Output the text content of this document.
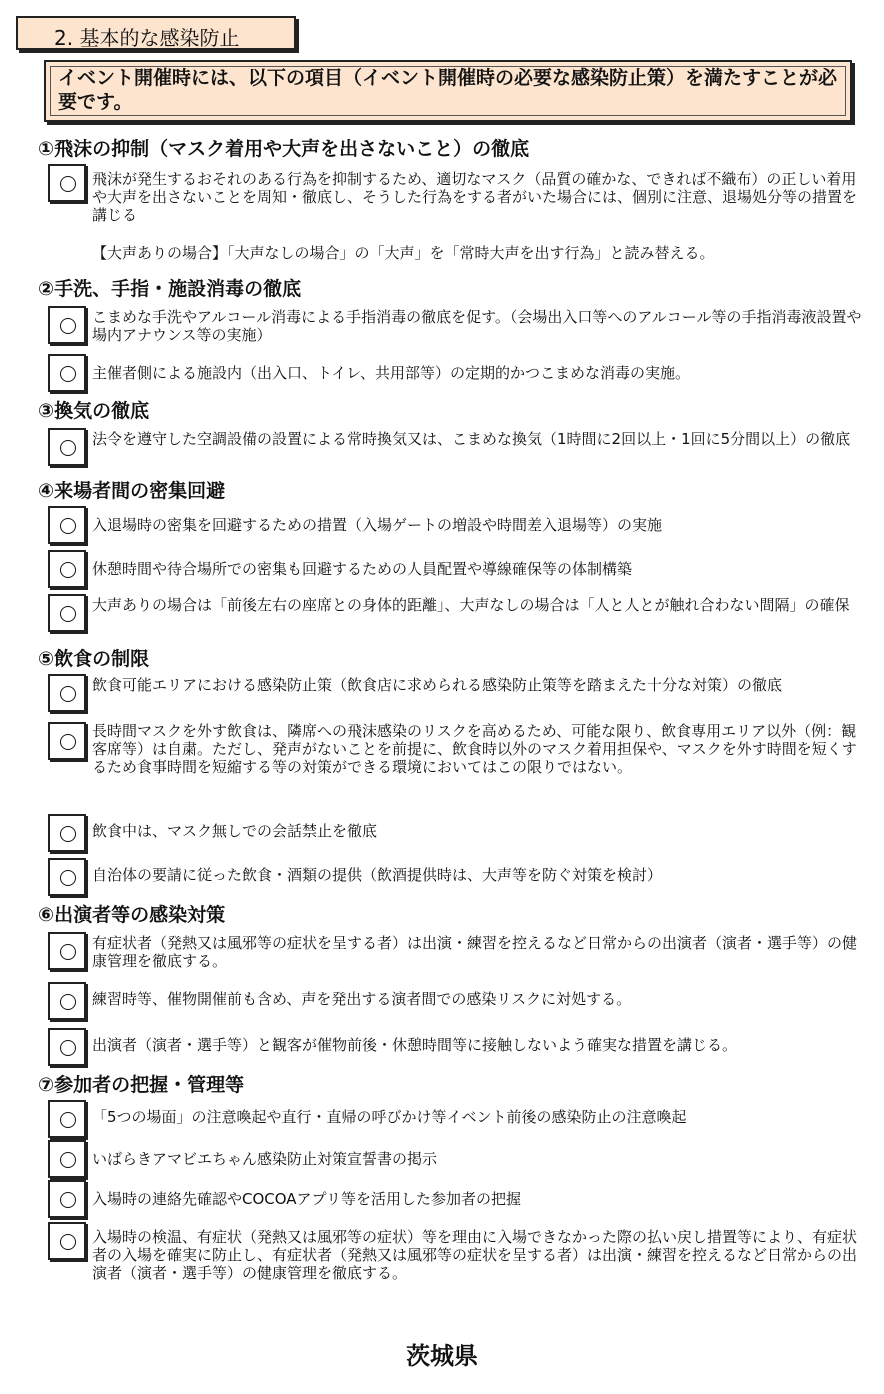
2. 基本的な感染防止
イベント開催時には、以下の項目（イベント開催時の必要な感染防止策）を満たすことが必要です。
①飛沫の抑制（マスク着用や大声を出さないこと）の徹底
飛沫が発生するおそれのある行為を抑制するため、適切なマスク（品質の確かな、できれば不織布）の正しい着用や大声を出さないことを周知・徹底し、そうした行為をする者がいた場合には、個別に注意、退場処分等の措置を講じる
【大声ありの場合】「大声なしの場合」の「大声」を「常時大声を出す行為」と読み替える。
②手洗、手指・施設消毒の徹底
こまめな手洗やアルコール消毒による手指消毒の徹底を促す。（会場出入口等へのアルコール等の手指消毒液設置や場内アナウンス等の実施）
主催者側による施設内（出入口、トイレ、共用部等）の定期的かつこまめな消毒の実施。
③換気の徹底
法令を遵守した空調設備の設置による常時換気又は、こまめな換気（1時間に2回以上・1回に5分間以上）の徹底
④来場者間の密集回避
入退場時の密集を回避するための措置（入場ゲートの増設や時間差入退場等）の実施
休憩時間や待合場所での密集も回避するための人員配置や導線確保等の体制構築
大声ありの場合は「前後左右の座席との身体的距離」、大声なしの場合は「人と人とが触れ合わない間隔」の確保
⑤飲食の制限
飲食可能エリアにおける感染防止策（飲食店に求められる感染防止策等を踏まえた十分な対策）の徹底
長時間マスクを外す飲食は、隣席への飛沫感染のリスクを高めるため、可能な限り、飲食専用エリア以外（例：観客席等）は自粛。ただし、発声がないことを前提に、飲食時以外のマスク着用担保や、マスクを外す時間を短くするため食事時間を短縮する等の対策ができる環境においてはこの限りではない。
飲食中は、マスク無しでの会話禁止を徹底
自治体の要請に従った飲食・酒類の提供（飲酒提供時は、大声等を防ぐ対策を検討）
⑥出演者等の感染対策
有症状者（発熱又は風邪等の症状を呈する者）は出演・練習を控えるなど日常からの出演者（演者・選手等）の健康管理を徹底する。
練習時等、催物開催前も含め、声を発出する演者間での感染リスクに対処する。
出演者（演者・選手等）と観客が催物前後・休憩時間等に接触しないよう確実な措置を講じる。
⑦参加者の把握・管理等
「5つの場面」の注意喚起や直行・直帰の呼びかけ等イベント前後の感染防止の注意喚起
いばらきアマビエちゃん感染防止対策宣誓書の掲示
入場時の連絡先確認やCOCOAアプリ等を活用した参加者の把握
入場時の検温、有症状（発熱又は風邪等の症状）等を理由に入場できなかった際の払い戻し措置等により、有症状者の入場を確実に防止し、有症状者（発熱又は風邪等の症状を呈する者）は出演・練習を控えるなど日常からの出演者（演者・選手等）の健康管理を徹底する。
茨城県
